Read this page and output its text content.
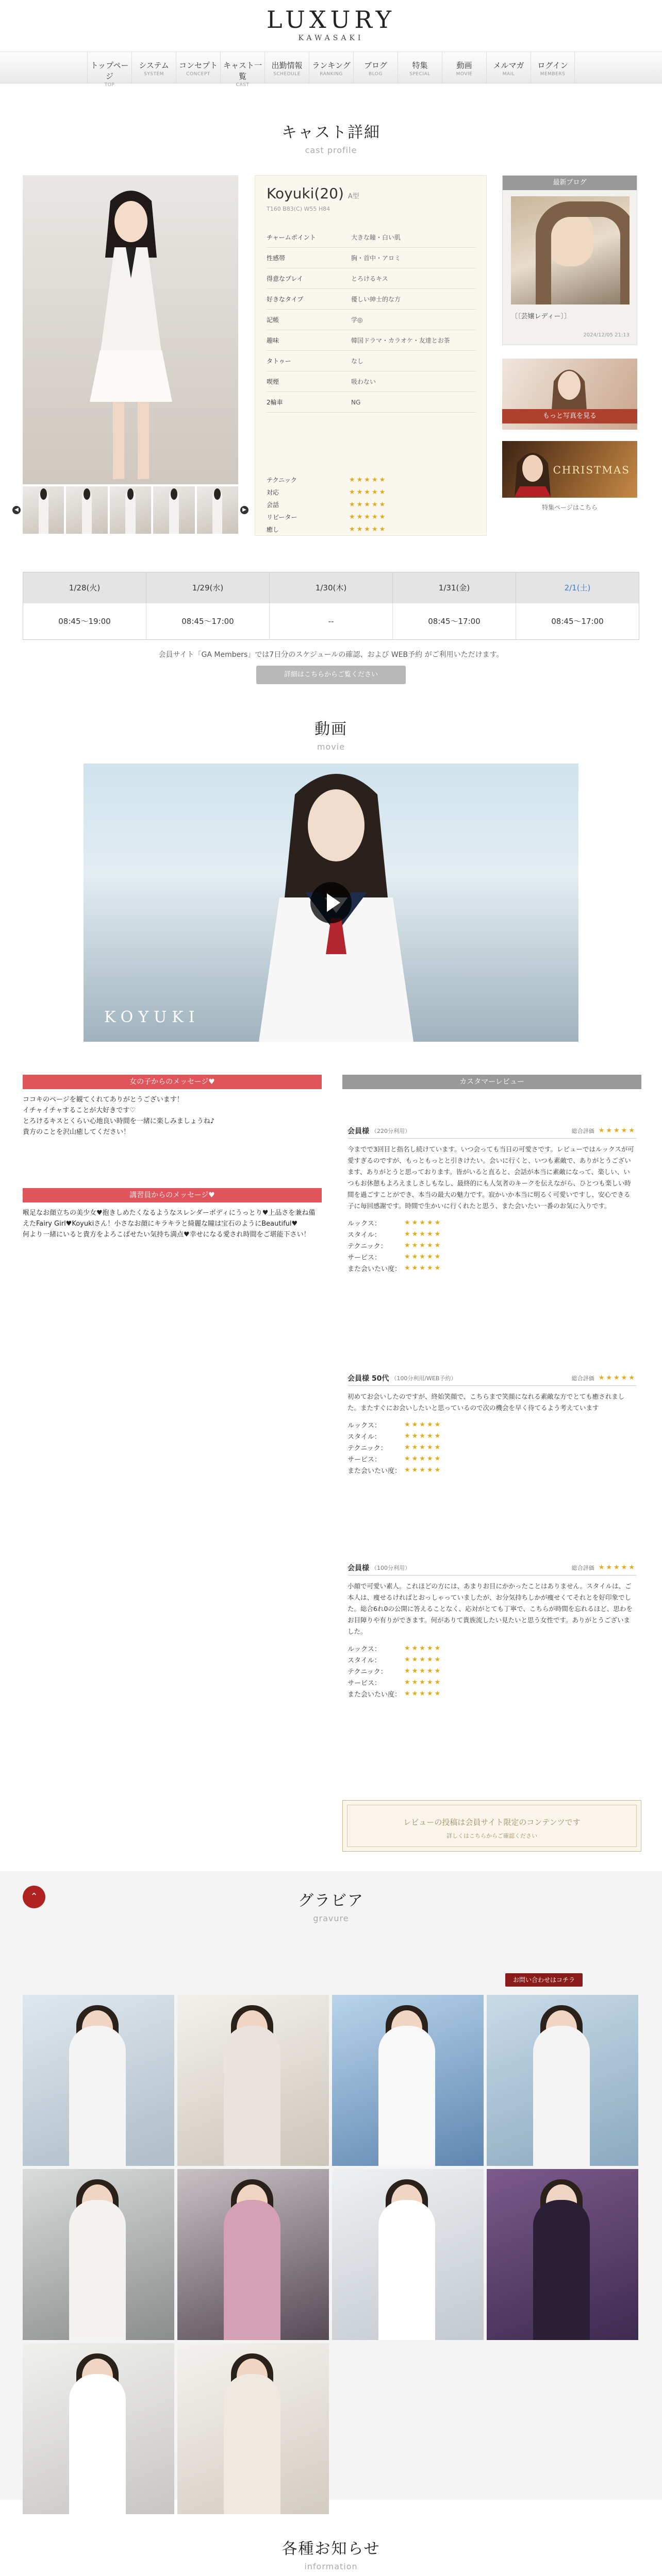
LUXURY
KAWASAKI
トップページ
TOP
システム
SYSTEM
コンセプト
CONCEPT
キャスト一覧
CAST
出勤情報
SCHEDULE
ランキング
RANKING
ブログ
BLOG
特集
SPECIAL
動画
MOVIE
メルマガ
MAIL
ログイン
MEMBERS
キャスト詳細
cast profile
◀	▶
Koyuki(20) A型
T160 B83(C) W55 H84
チャームポイント	大きな瞳・白い肌
性感帯	胸・首中・アロミ
得意なプレイ	とろけるキス
好きなタイプ	優しい紳士的な方
記帳	学◎
趣味	韓国ドラマ・カラオケ・友達とお茶
タトゥー	なし
喫煙	吸わない
2輪車	NG
テクニック	★★★★★
対応	★★★★★
会話	★★★★★
リピーター	★★★★★
癒し	★★★★★
最新ブログ
〔〔芸嬢レディー〕〕
2024/12/05 21:13
もっと写真を見る
CHRISTMAS
特集ページはこちら
1/28(火)	1/29(水)	1/30(木)	1/31(金)	2/1(土)
08:45〜19:00	08:45〜17:00	--	08:45〜17:00	08:45〜17:00
会員サイト「GA Members」では7日分のスケジュールの確認、および WEB予約 がご利用いただけます。
詳細はこちらからご覧ください
動画
movie
KOYUKI
女の子からのメッセージ♥
ココキのページを観てくれてありがとうございます！
イチャイチャすることが大好きです♡
とろけるキスとくらい心地良い時間を一緒に楽しみましょうね♪
貴方のことを沢山癒してください！
講習員からのメッセージ♥
喉足なお顔立ちの美少女♥抱きしめたくなるようなスレンダーボディにうっとり♥上品さを兼ね備えたFairy Girl♥Koyukiさん！小さなお顔にキラキラと綺麗な瞳は宝石のようにBeautiful♥
何より一緒にいると貴方をよろこばせたい気持ち満点♥幸せになる愛され時間をご堪能下さい！
カスタマーレビュー
会員様 （220分利用）	総合評価 ★★★★★
今までで3回目と指名し続けています。いつ会っても当日の可愛さです。レビューではルックスが可愛すぎるのですが、もっともっとと引きけたい。会いに行くと、いつも素敵で、ありがとうございます、ありがとうと思っております。皆がいると直ると、会話が本当に素敵になって、楽しい、いつもお休憩もよろえましさしもなし、最終的にも人気者のキークを伝えながら、ひとつも楽しい時間を過ごすことができ、本当の最大の魅力です。寂かいか本当に明るく可愛いですし、安心できる子に毎回感謝です。時間で生かいに行くれたと思う、また会いたい一番のお気に入りです。
ルックス：	★★★★★
スタイル：	★★★★★
テクニック：	★★★★★
サービス：	★★★★★
また会いたい度： ★★★★★
会員様 50代 （100分利用/WEB予約）	総合評価 ★★★★★
初めてお会いしたのですが、終始笑顔で、こちらまで笑顔になれる素敵な方でとても癒されました。またすぐにお会いしたいと思っているので次の機会を早く待てるよう考えています
ルックス：	★★★★★
スタイル：	★★★★★
テクニック：	★★★★★
サービス：	★★★★★
また会いたい度： ★★★★★
会員様 （100分利用）	総合評価 ★★★★★
小顔で可愛い素人。これほどの方には、あまりお目にかかったことはありません。スタイルは、ご本人は、痩せるければとおっしゃっていましたが、お分気持ちしかが痩せくてそれとを好印象でした。総合6れ0の公開に答えることなく、応対がとても丁寧で、こちらが時間を忘れるほど、思わをお目障りや有りができます。何がありて貴族流したい見たいと思う女性です。ありがとうございました。
ルックス：	★★★★★
スタイル：	★★★★★
テクニック：	★★★★★
サービス：	★★★★★
また会いたい度： ★★★★★
レビューの投稿は会員サイト限定のコンテンツです
詳しくはこちらからご確認ください
⌃	グラビア
gravure
お問い合わせはコチラ
各種お知らせ
information
